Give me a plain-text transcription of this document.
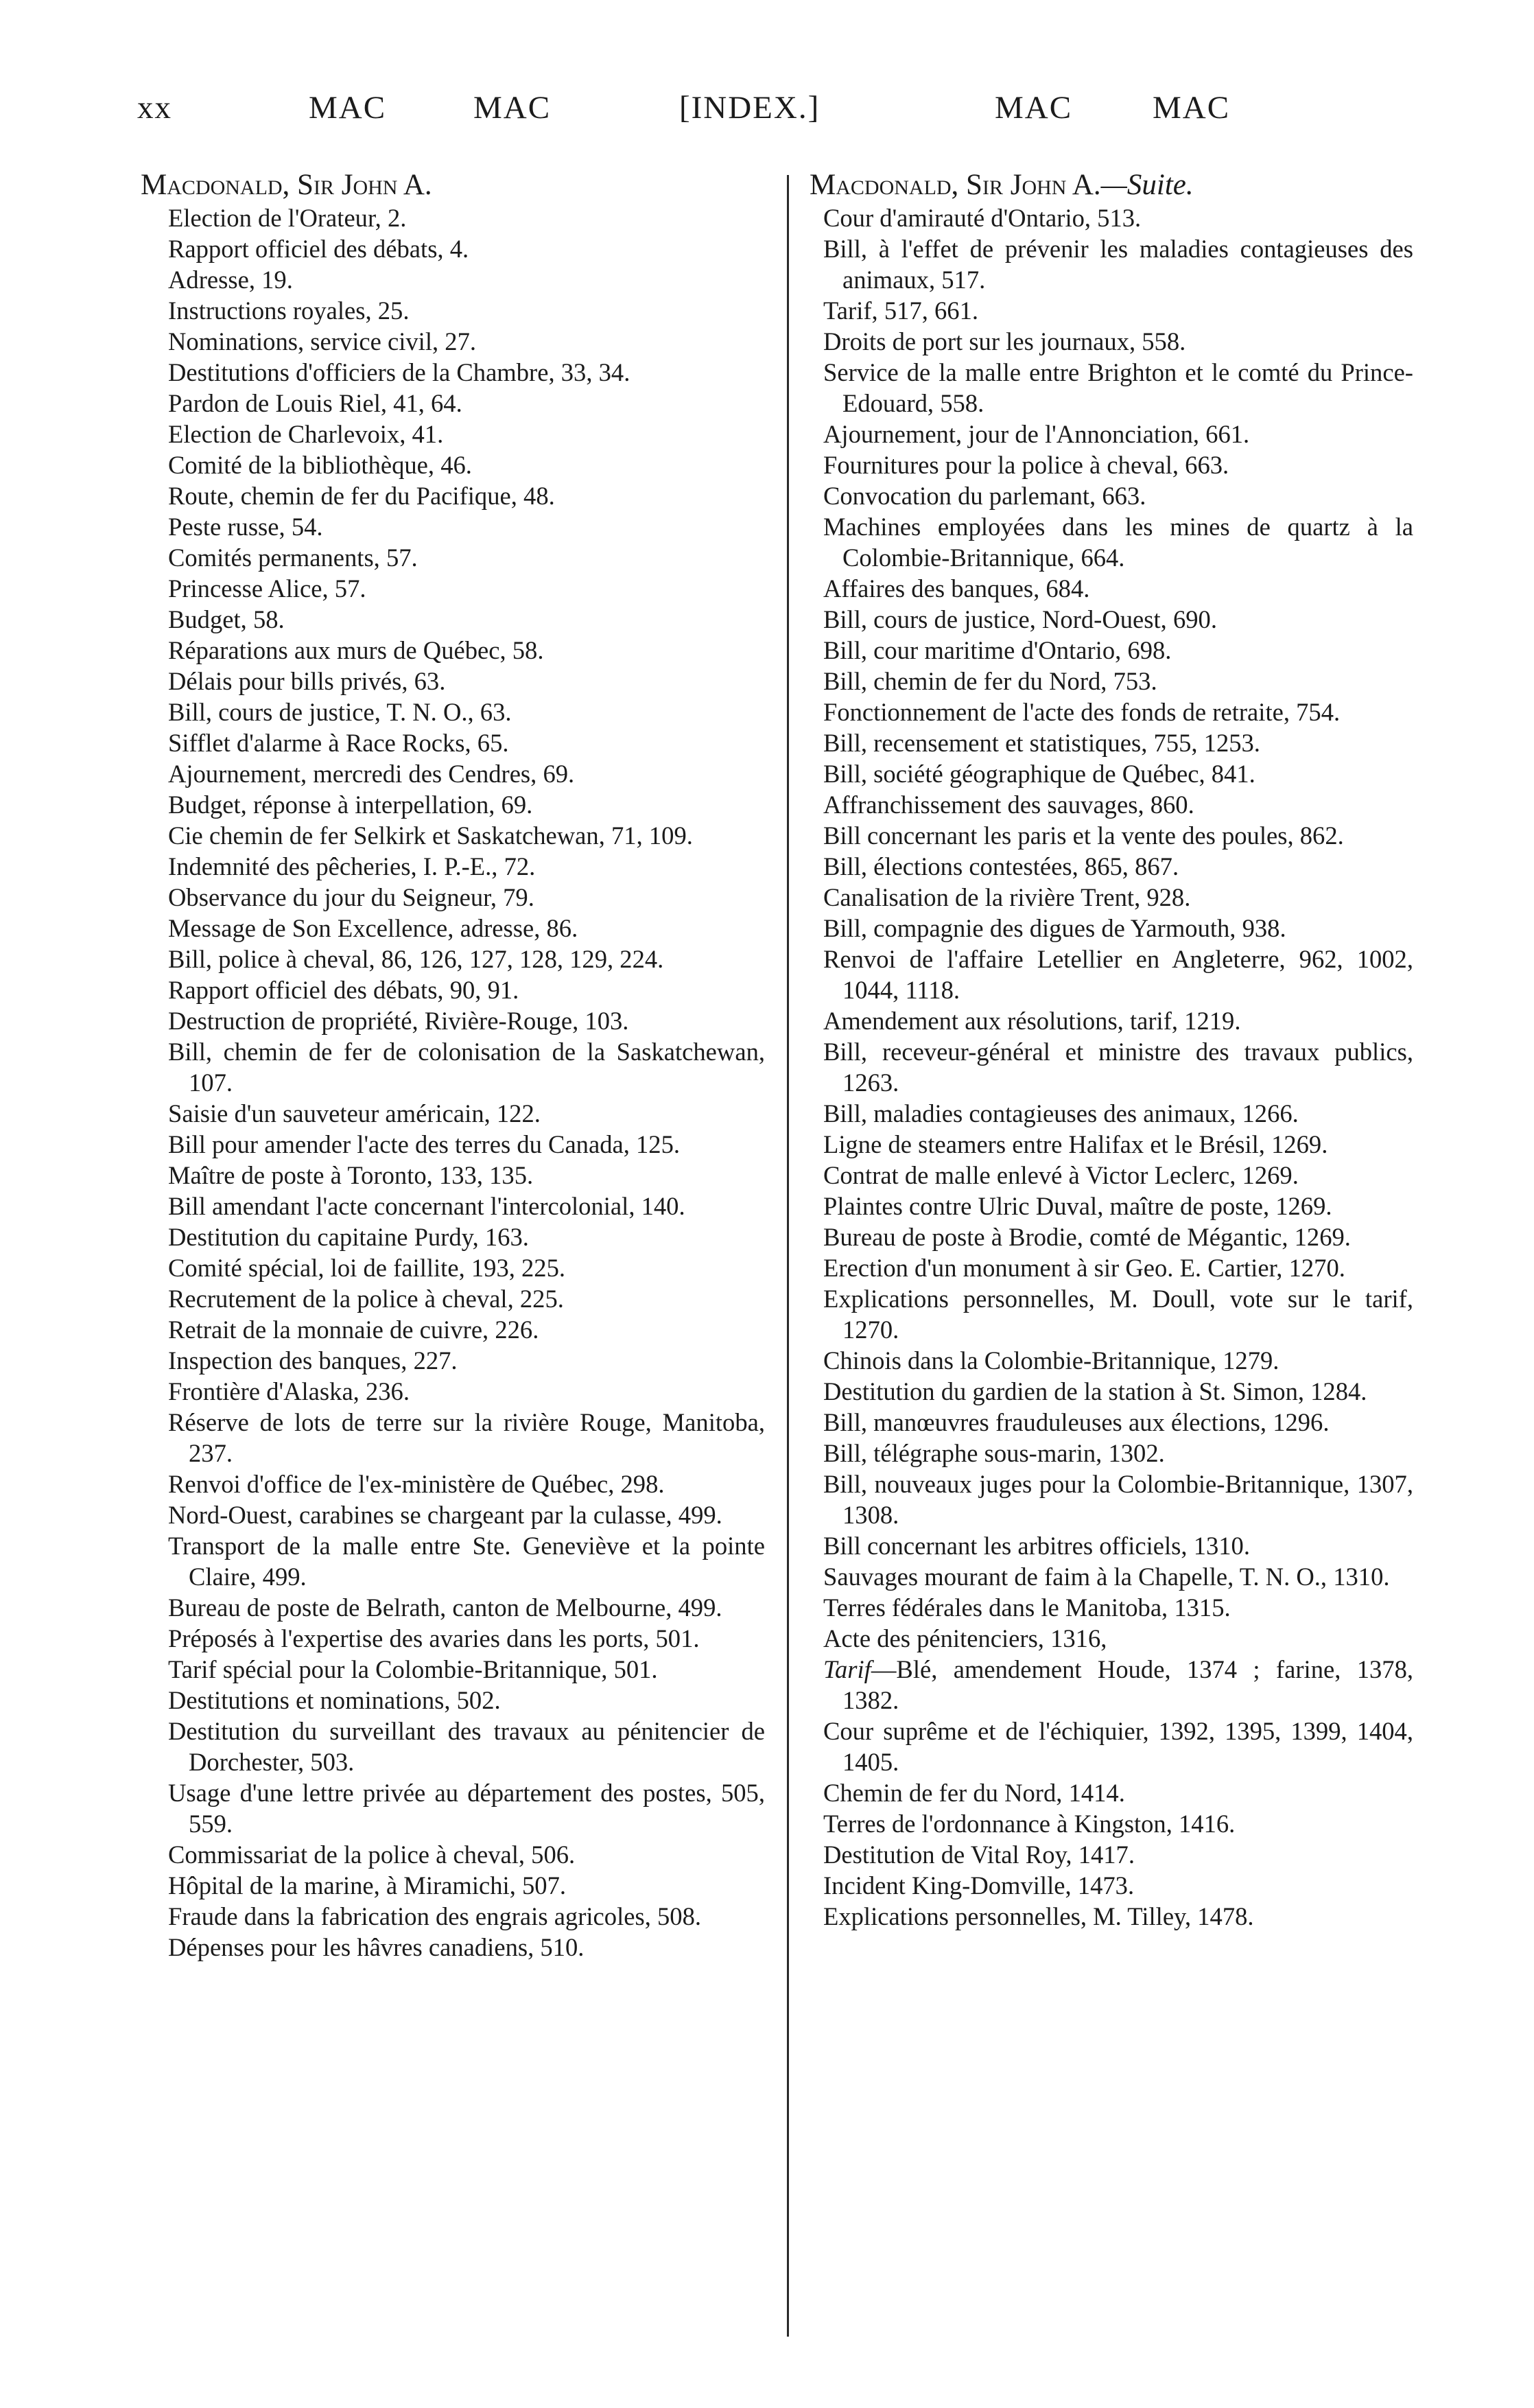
xx	MAC	MAC	[INDEX.]	MAC MAC
Macdonald, Sir John A.
Election de l'Orateur, 2.
Rapport officiel des débats, 4.
Adresse, 19.
Instructions royales, 25.
Nominations, service civil, 27.
Destitutions d'officiers de la Chambre, 33, 34.
Pardon de Louis Riel, 41, 64.
Election de Charlevoix, 41.
Comité de la bibliothèque, 46.
Route, chemin de fer du Pacifique, 48.
Peste russe, 54.
Comités permanents, 57.
Princesse Alice, 57.
Budget, 58.
Réparations aux murs de Québec, 58.
Délais pour bills privés, 63.
Bill, cours de justice, T. N. O., 63.
Sifflet d'alarme à Race Rocks, 65.
Ajournement, mercredi des Cendres, 69.
Budget, réponse à interpellation, 69.
Cie chemin de fer Selkirk et Saskatchewan, 71, 109.
Indemnité des pêcheries, I. P.-E., 72.
Observance du jour du Seigneur, 79.
Message de Son Excellence, adresse, 86.
Bill, police à cheval, 86, 126, 127, 128, 129, 224.
Rapport officiel des débats, 90, 91.
Destruction de propriété, Rivière-Rouge, 103.
Bill, chemin de fer de colonisation de la Saskatchewan, 107.
Saisie d'un sauveteur américain, 122.
Bill pour amender l'acte des terres du Canada, 125.
Maître de poste à Toronto, 133, 135.
Bill amendant l'acte concernant l'intercolonial, 140.
Destitution du capitaine Purdy, 163.
Comité spécial, loi de faillite, 193, 225.
Recrutement de la police à cheval, 225.
Retrait de la monnaie de cuivre, 226.
Inspection des banques, 227.
Frontière d'Alaska, 236.
Réserve de lots de terre sur la rivière Rouge, Manitoba, 237.
Renvoi d'office de l'ex-ministère de Québec, 298.
Nord-Ouest, carabines se chargeant par la culasse, 499.
Transport de la malle entre Ste. Geneviève et la pointe Claire, 499.
Bureau de poste de Belrath, canton de Melbourne, 499.
Préposés à l'expertise des avaries dans les ports, 501.
Tarif spécial pour la Colombie-Britannique, 501.
Destitutions et nominations, 502.
Destitution du surveillant des travaux au pénitencier de Dorchester, 503.
Usage d'une lettre privée au département des postes, 505, 559.
Commissariat de la police à cheval, 506.
Hôpital de la marine, à Miramichi, 507.
Fraude dans la fabrication des engrais agricoles, 508.
Dépenses pour les hâvres canadiens, 510.
Macdonald, Sir John A.—Suite.
Cour d'amirauté d'Ontario, 513.
Bill, à l'effet de prévenir les maladies contagieuses des animaux, 517.
Tarif, 517, 661.
Droits de port sur les journaux, 558.
Service de la malle entre Brighton et le comté du Prince-Edouard, 558.
Ajournement, jour de l'Annonciation, 661.
Fournitures pour la police à cheval, 663.
Convocation du parlemant, 663.
Machines employées dans les mines de quartz à la Colombie-Britannique, 664.
Affaires des banques, 684.
Bill, cours de justice, Nord-Ouest, 690.
Bill, cour maritime d'Ontario, 698.
Bill, chemin de fer du Nord, 753.
Fonctionnement de l'acte des fonds de retraite, 754.
Bill, recensement et statistiques, 755, 1253.
Bill, société géographique de Québec, 841.
Affranchissement des sauvages, 860.
Bill concernant les paris et la vente des poules, 862.
Bill, élections contestées, 865, 867.
Canalisation de la rivière Trent, 928.
Bill, compagnie des digues de Yarmouth, 938.
Renvoi de l'affaire Letellier en Angleterre, 962, 1002, 1044, 1118.
Amendement aux résolutions, tarif, 1219.
Bill, receveur-général et ministre des travaux publics, 1263.
Bill, maladies contagieuses des animaux, 1266.
Ligne de steamers entre Halifax et le Brésil, 1269.
Contrat de malle enlevé à Victor Leclerc, 1269.
Plaintes contre Ulric Duval, maître de poste, 1269.
Bureau de poste à Brodie, comté de Mégantic, 1269.
Erection d'un monument à sir Geo. E. Cartier, 1270.
Explications personnelles, M. Doull, vote sur le tarif, 1270.
Chinois dans la Colombie-Britannique, 1279.
Destitution du gardien de la station à St. Simon, 1284.
Bill, manœuvres frauduleuses aux élections, 1296.
Bill, télégraphe sous-marin, 1302.
Bill, nouveaux juges pour la Colombie-Britannique, 1307, 1308.
Bill concernant les arbitres officiels, 1310.
Sauvages mourant de faim à la Chapelle, T. N. O., 1310.
Terres fédérales dans le Manitoba, 1315.
Acte des pénitenciers, 1316,
Tarif—Blé, amendement Houde, 1374 ; farine, 1378, 1382.
Cour suprême et de l'échiquier, 1392, 1395, 1399, 1404, 1405.
Chemin de fer du Nord, 1414.
Terres de l'ordonnance à Kingston, 1416.
Destitution de Vital Roy, 1417.
Incident King-Domville, 1473.
Explications personnelles, M. Tilley, 1478.
